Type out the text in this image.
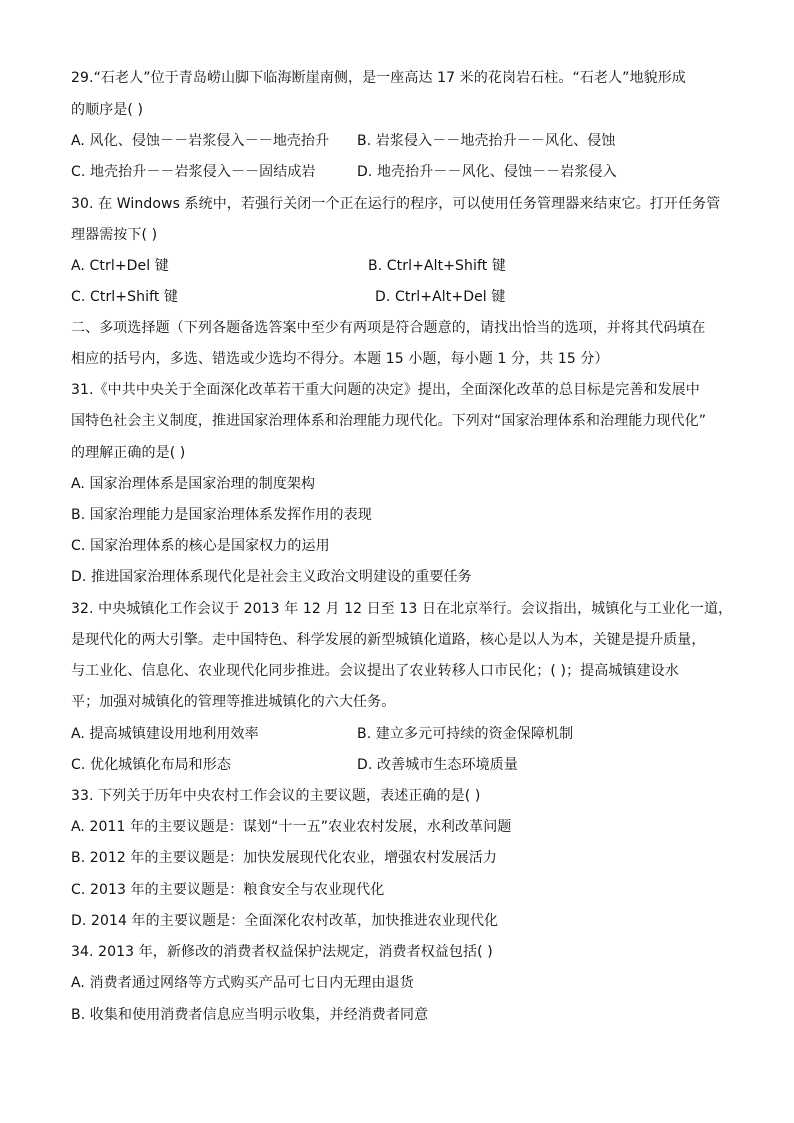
29.“石老人”位于青岛崂山脚下临海断崖南侧，是一座高达 17 米的花岗岩石柱。“石老人”地貌形成
的顺序是( )
A. 风化、侵蚀－－岩浆侵入－－地壳抬升 B. 岩浆侵入－－地壳抬升－－风化、侵蚀
C. 地壳抬升－－岩浆侵入－－固结成岩	D. 地壳抬升－－风化、侵蚀－－岩浆侵入
30. 在 Windows 系统中，若强行关闭一个正在运行的程序，可以使用任务管理器来结束它。打开任务管
理器需按下( )
A. Ctrl+Del 键	B. Ctrl+Alt+Shift 键
C. Ctrl+Shift 键	D. Ctrl+Alt+Del 键
二、多项选择题（下列各题备选答案中至少有两项是符合题意的，请找出恰当的选项，并将其代码填在
相应的括号内，多选、错选或少选均不得分。本题 15 小题，每小题 1 分，共 15 分）
31.《中共中央关于全面深化改革若干重大问题的决定》提出，全面深化改革的总目标是完善和发展中
国特色社会主义制度，推进国家治理体系和治理能力现代化。下列对“国家治理体系和治理能力现代化”
的理解正确的是( )
A. 国家治理体系是国家治理的制度架构
B. 国家治理能力是国家治理体系发挥作用的表现
C. 国家治理体系的核心是国家权力的运用
D. 推进国家治理体系现代化是社会主义政治文明建设的重要任务
32. 中央城镇化工作会议于 2013 年 12 月 12 日至 13 日在北京举行。会议指出，城镇化与工业化一道，
是现代化的两大引擎。走中国特色、科学发展的新型城镇化道路，核心是以人为本，关键是提升质量，
与工业化、信息化、农业现代化同步推进。会议提出了农业转移人口市民化；( )；提高城镇建设水
平；加强对城镇化的管理等推进城镇化的六大任务。
A. 提高城镇建设用地利用效率	B. 建立多元可持续的资金保障机制
C. 优化城镇化布局和形态	D. 改善城市生态环境质量
33. 下列关于历年中央农村工作会议的主要议题，表述正确的是( )
A. 2011 年的主要议题是：谋划“十一五”农业农村发展，水利改革问题
B. 2012 年的主要议题是：加快发展现代化农业，增强农村发展活力
C. 2013 年的主要议题是：粮食安全与农业现代化
D. 2014 年的主要议题是：全面深化农村改革，加快推进农业现代化
34. 2013 年，新修改的消费者权益保护法规定，消费者权益包括( )
A. 消费者通过网络等方式购买产品可七日内无理由退货
B. 收集和使用消费者信息应当明示收集，并经消费者同意
